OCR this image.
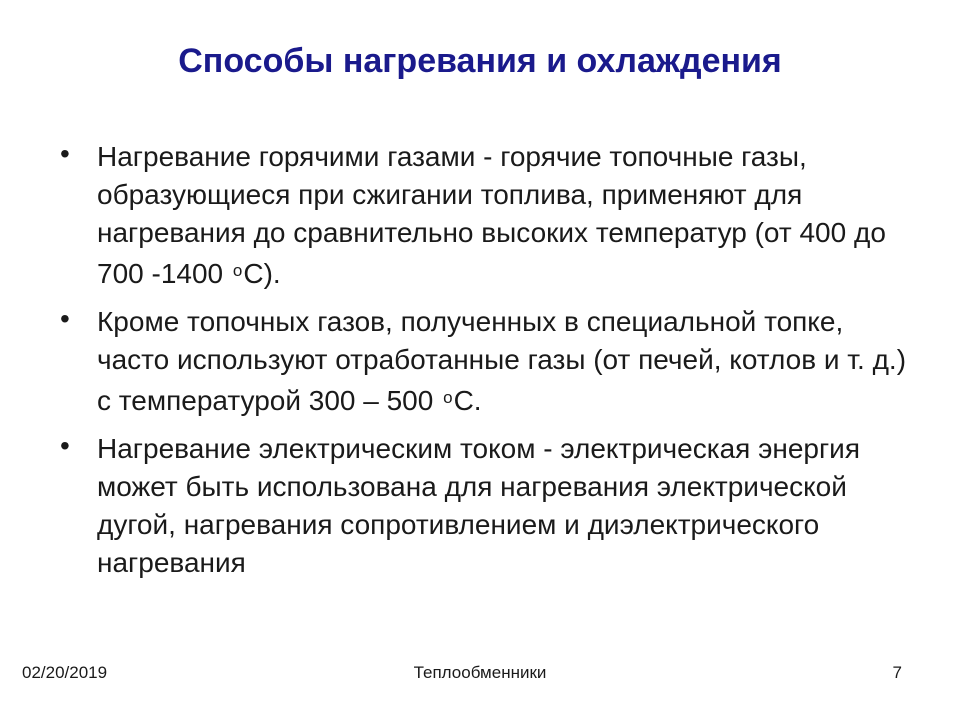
Способы нагревания и охлаждения
• Нагревание горячими газами - горячие топочные газы, образующиеся при сжигании топлива, применяют для нагревания до сравнительно высоких температур (от 400 до 700 -1400 $^o$С).
• Кроме топочных газов, полученных в специальной топке, часто используют отработанные газы (от печей, котлов и т. д.) с температурой 300 – 500 $^o$С.
• Нагревание электрическим током - электрическая энергия может быть использована для нагревания электрической дугой, нагревания сопротивлением и диэлектрического нагревания
02/20/2019	Теплообменники	7
